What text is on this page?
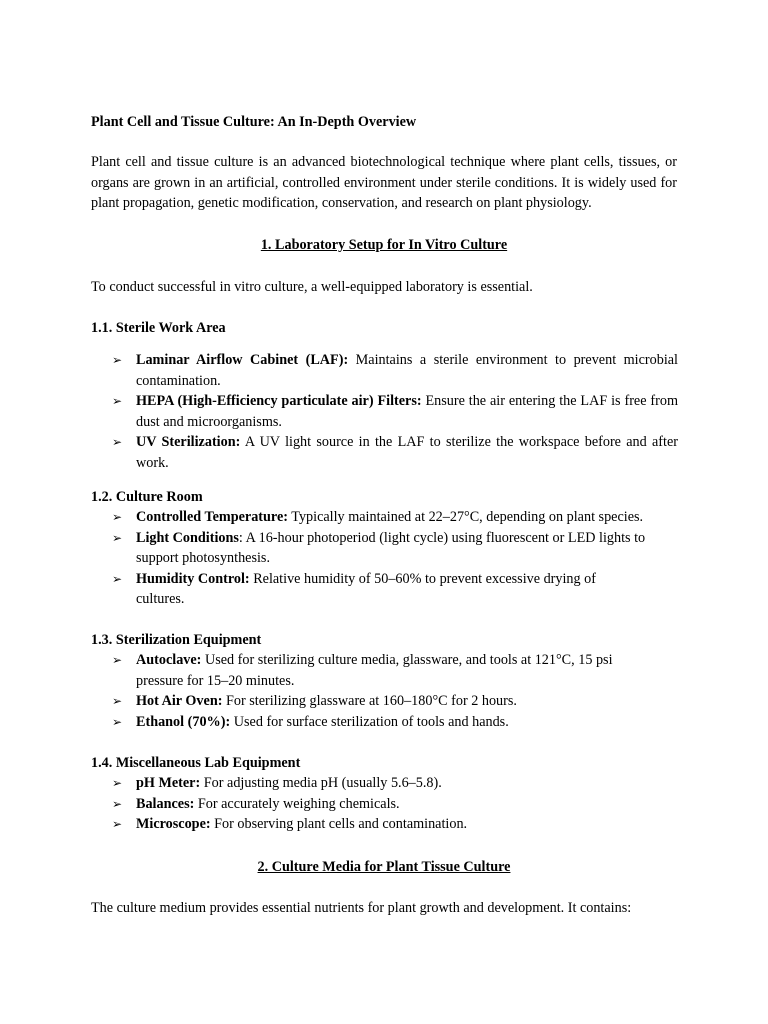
Plant Cell and Tissue Culture: An In-Depth Overview

Plant cell and tissue culture is an advanced biotechnological technique where plant cells, tissues, or organs are grown in an artificial, controlled environment under sterile conditions. It is widely used for plant propagation, genetic modification, conservation, and research on plant physiology.

1. Laboratory Setup for In Vitro Culture

To conduct successful in vitro culture, a well-equipped laboratory is essential.

1.1. Sterile Work Area

➢ Laminar Airflow Cabinet (LAF): Maintains a sterile environment to prevent microbial contamination.
➢ HEPA (High-Efficiency particulate air) Filters: Ensure the air entering the LAF is free from dust and microorganisms.
➢ UV Sterilization: A UV light source in the LAF to sterilize the workspace before and after work.

1.2. Culture Room

➢ Controlled Temperature: Typically maintained at 22–27°C, depending on plant species.
➢ Light Conditions: A 16-hour photoperiod (light cycle) using fluorescent or LED lights to support photosynthesis.
➢ Humidity Control: Relative humidity of 50–60% to prevent excessive drying of cultures.

1.3. Sterilization Equipment

➢ Autoclave: Used for sterilizing culture media, glassware, and tools at 121°C, 15 psi pressure for 15–20 minutes.
➢ Hot Air Oven: For sterilizing glassware at 160–180°C for 2 hours.
➢ Ethanol (70%): Used for surface sterilization of tools and hands.

1.4. Miscellaneous Lab Equipment

➢ pH Meter: For adjusting media pH (usually 5.6–5.8).
➢ Balances: For accurately weighing chemicals.
➢ Microscope: For observing plant cells and contamination.

2. Culture Media for Plant Tissue Culture

The culture medium provides essential nutrients for plant growth and development. It contains:
